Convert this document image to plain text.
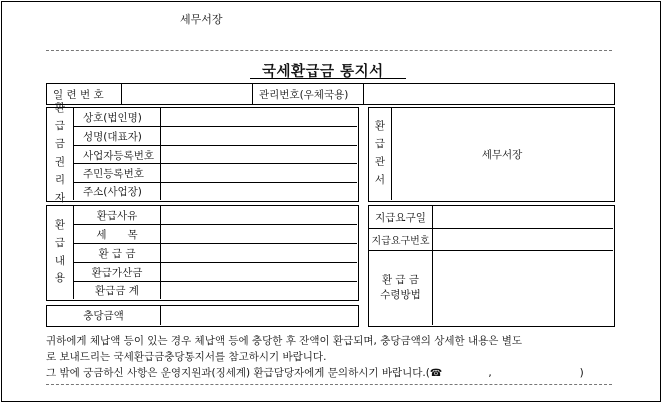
세무서장
국세환급금 통지서
일 련 번 호	관리번호(우체국용)
환
급
금
권
리
자
상호(법인명)
성명(대표자)
사업자등록번호
주민등록번호
주소(사업장)
환
급
관
서
세무서장
환
급
내
용
환급사유
세　　목
환 급 금
환급가산금
환급금 계
지급요구일
지급요구번호
환 급 금
수령방법
충당금액
귀하에게 체납액 등이 있는 경우 체납액 등에 충당한 후 잔액이 환급되며, 충당금액의 상세한 내용은 별도
로 보내드리는 국세환급금충당통지서를 참고하시기 바랍니다.
그 밖에 궁금하신 사항은 운영지원과(징세계) 환급담당자에게 문의하시기 바랍니다.(☎	,	)
